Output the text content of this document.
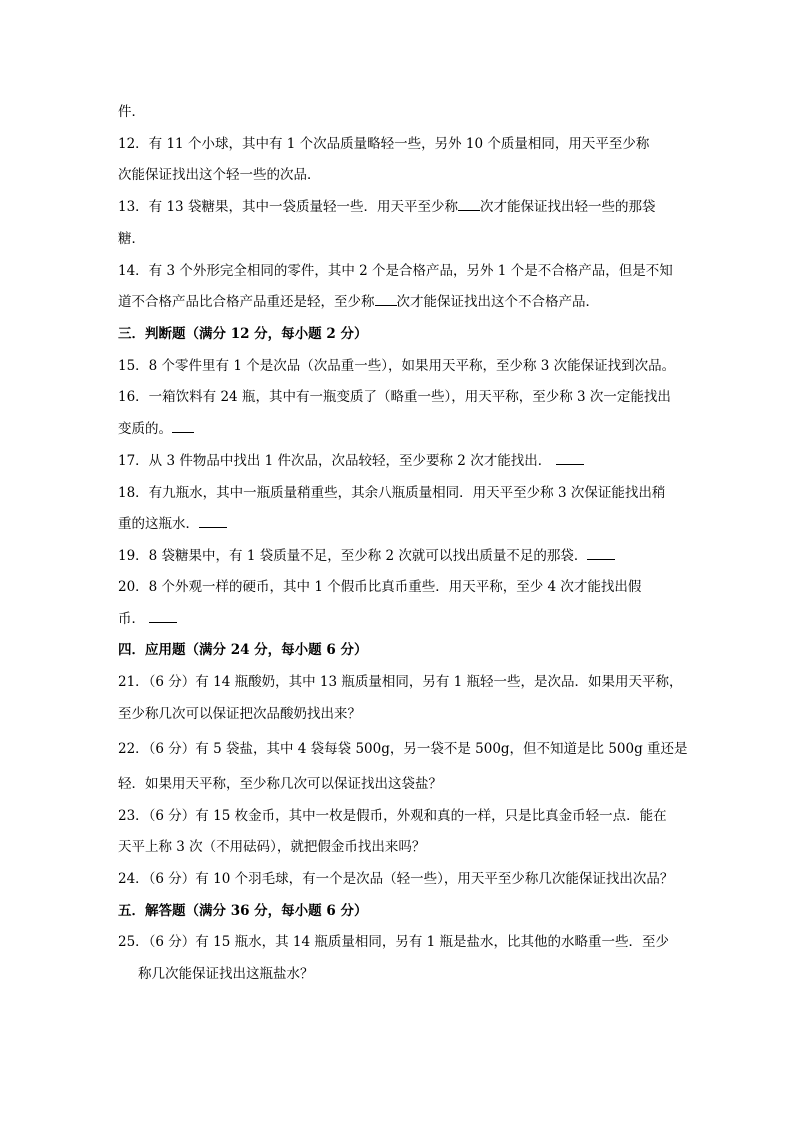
件．
12．有 11 个小球，其中有 1 个次品质量略轻一些，另外 10 个质量相同，用天平至少称
次能保证找出这个轻一些的次品．
13．有 13 袋糖果，其中一袋质量轻一些．用天平至少称 次才能保证找出轻一些的那袋
糖．
14．有 3 个外形完全相同的零件，其中 2 个是合格产品，另外 1 个是不合格产品，但是不知
道不合格产品比合格产品重还是轻，至少称 次才能保证找出这个不合格产品．
三．判断题（满分 12 分，每小题 2 分）
15．8 个零件里有 1 个是次品（次品重一些），如果用天平称，至少称 3 次能保证找到次品。
16．一箱饮料有 24 瓶，其中有一瓶变质了（略重一些），用天平称，至少称 3 次一定能找出
变质的。
17．从 3 件物品中找出 1 件次品，次品较轻，至少要称 2 次才能找出．
18．有九瓶水，其中一瓶质量稍重些，其余八瓶质量相同．用天平至少称 3 次保证能找出稍
重的这瓶水．
19．8 袋糖果中，有 1 袋质量不足，至少称 2 次就可以找出质量不足的那袋．
20．8 个外观一样的硬币，其中 1 个假币比真币重些．用天平称，至少 4 次才能找出假
币．
四．应用题（满分 24 分，每小题 6 分）
21．（6 分）有 14 瓶酸奶，其中 13 瓶质量相同，另有 1 瓶轻一些，是次品．如果用天平称，
至少称几次可以保证把次品酸奶找出来？
22．（6 分）有 5 袋盐，其中 4 袋每袋 500g，另一袋不是 500g，但不知道是比 500g 重还是
轻．如果用天平称，至少称几次可以保证找出这袋盐？
23．（6 分）有 15 枚金币，其中一枚是假币，外观和真的一样，只是比真金币轻一点．能在
天平上称 3 次（不用砝码），就把假金币找出来吗？
24．（6 分）有 10 个羽毛球，有一个是次品（轻一些），用天平至少称几次能保证找出次品？
五．解答题（满分 36 分，每小题 6 分）
25．（6 分）有 15 瓶水，其 14 瓶质量相同，另有 1 瓶是盐水，比其他的水略重一些．至少
称几次能保证找出这瓶盐水？
